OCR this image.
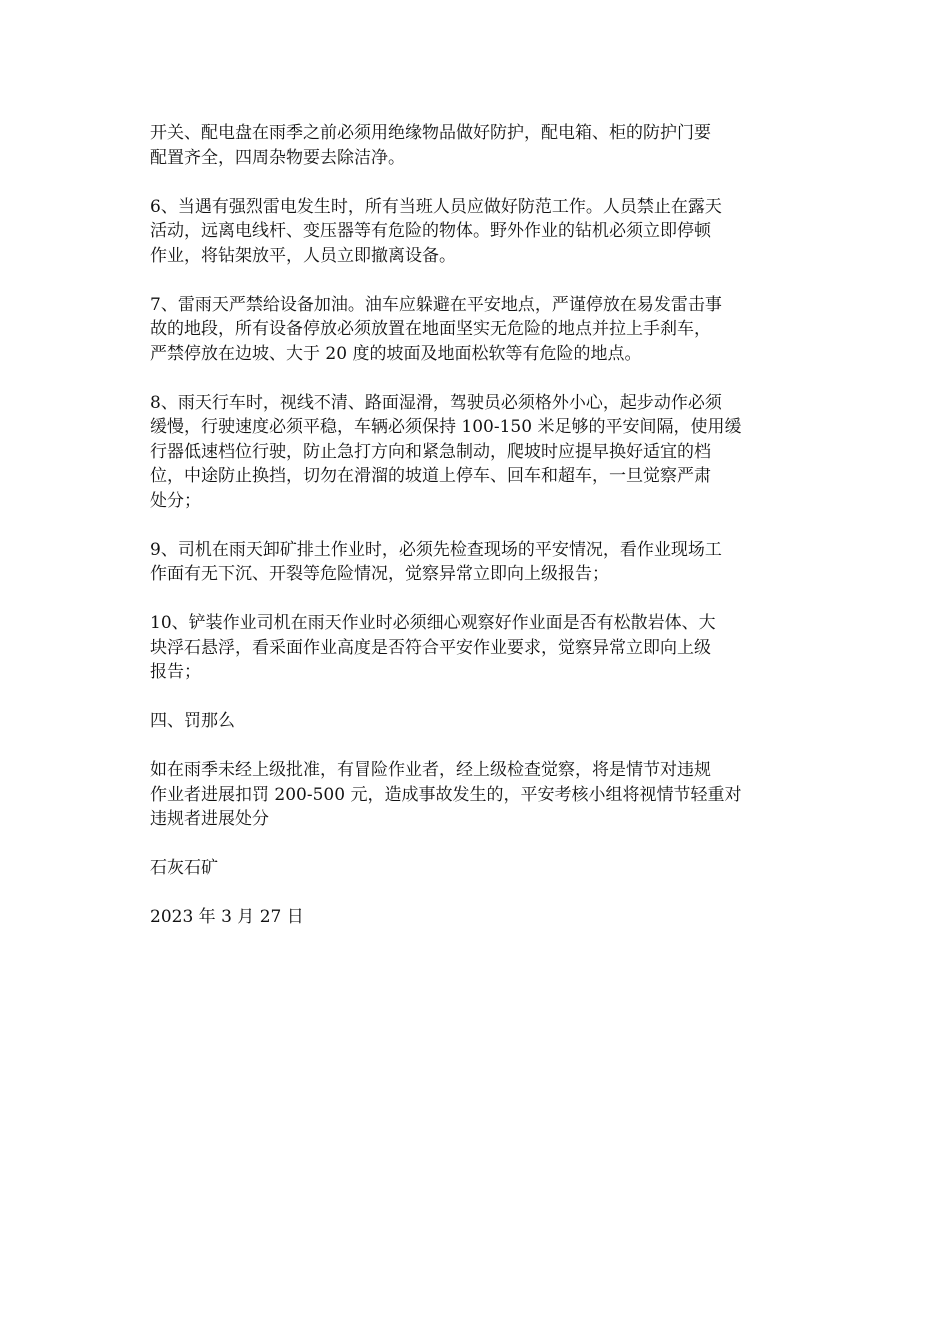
开关、配电盘在雨季之前必须用绝缘物品做好防护，配电箱、柜的防护门要
配置齐全，四周杂物要去除洁净。

6、当遇有强烈雷电发生时，所有当班人员应做好防范工作。人员禁止在露天
活动，远离电线杆、变压器等有危险的物体。野外作业的钻机必须立即停顿
作业，将钻架放平，人员立即撤离设备。

7、雷雨天严禁给设备加油。油车应躲避在平安地点，严谨停放在易发雷击事
故的地段，所有设备停放必须放置在地面坚实无危险的地点并拉上手刹车，
严禁停放在边坡、大于 20 度的坡面及地面松软等有危险的地点。

8、雨天行车时，视线不清、路面湿滑，驾驶员必须格外小心，起步动作必须
缓慢，行驶速度必须平稳，车辆必须保持 100-150 米足够的平安间隔，使用缓
行器低速档位行驶，防止急打方向和紧急制动，爬坡时应提早换好适宜的档
位，中途防止换挡，切勿在滑溜的坡道上停车、回车和超车，一旦觉察严肃
处分；

9、司机在雨天卸矿排土作业时，必须先检查现场的平安情况，看作业现场工
作面有无下沉、开裂等危险情况，觉察异常立即向上级报告；

10、铲装作业司机在雨天作业时必须细心观察好作业面是否有松散岩体、大
块浮石悬浮，看采面作业高度是否符合平安作业要求，觉察异常立即向上级
报告；

四、罚那么

如在雨季未经上级批准，有冒险作业者，经上级检查觉察，将是情节对违规
作业者进展扣罚 200-500 元，造成事故发生的，平安考核小组将视情节轻重对
违规者进展处分

石灰石矿

2023 年 3 月 27 日
